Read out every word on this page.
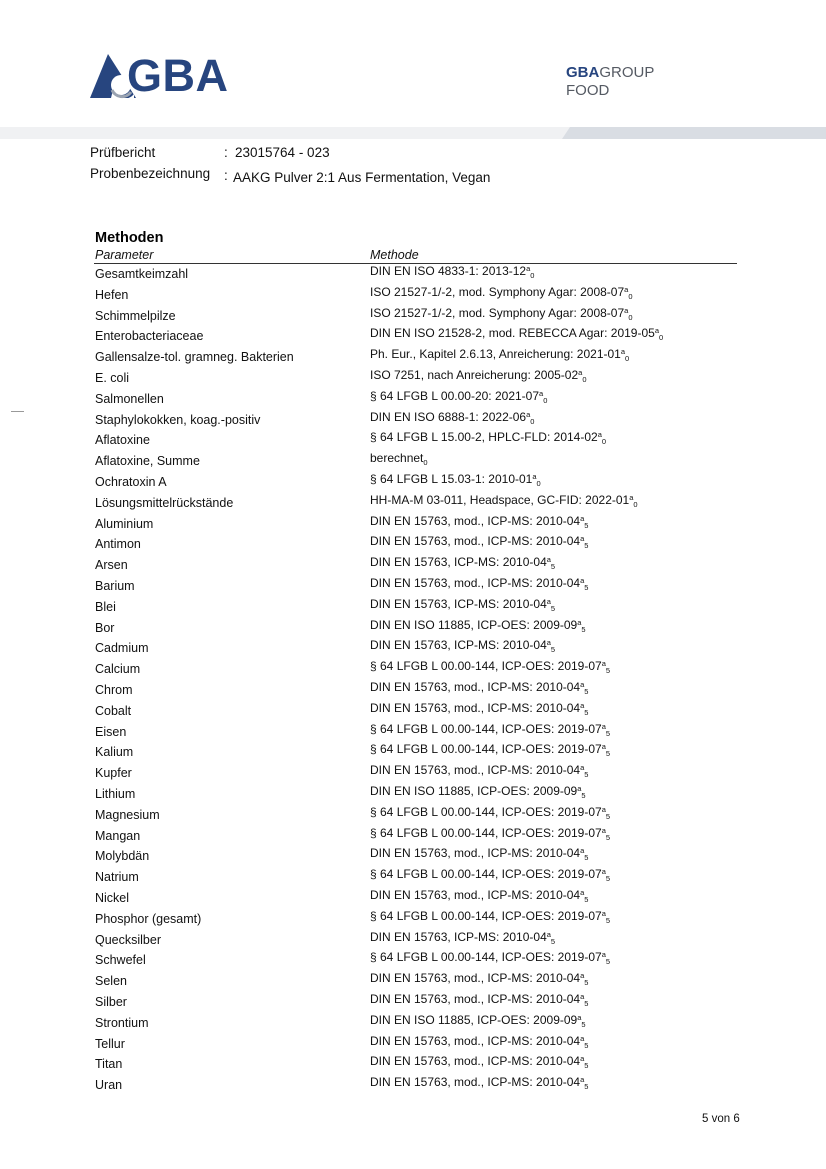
GBA	GBAGROUP
FOOD
Prüfbericht	: 23015764 - 023
Probenbezeichnung : AAKG Pulver 2:1 Aus Fermentation, Vegan
Methoden
Parameter	Methode
Gesamtkeimzahl	DIN EN ISO 4833-1: $2013-12^a_0$
Hefen	ISO 21527-1/-2, mod. Symphony Agar: $2008-07^a_0$
Schimmelpilze	ISO 21527-1/-2, mod. Symphony Agar: $2008-07^a_0$
Enterobacteriaceae	DIN EN ISO 21528-2, mod. REBECCA Agar: $2019-05^a_0$
Gallensalze-tol. gramneg. Bakterien	Ph. Eur., Kapitel 2.6.13, Anreicherung: $2021-01^a_0$
E. coli	ISO 7251, nach Anreicherung: $2005-02^a_0$
Salmonellen	§ 64 LFGB L 00.00-20: $2021-07^a_0$
Staphylokokken, koag.-positiv	DIN EN ISO 6888-1: $2022-06^a_0$
Aflatoxine	§ 64 LFGB L 15.00-2, HPLC-FLD: $2014-02^a_0$
Aflatoxine, Summe	berechnet$_0$
Ochratoxin A	§ 64 LFGB L 15.03-1: $2010-01^a_0$
Lösungsmittelrückstände	HH-MA-M 03-011, Headspace, GC-FID: $2022-01^a_0$
Aluminium	DIN EN 15763, mod., ICP-MS: $2010-04^a_5$
Antimon	DIN EN 15763, mod., ICP-MS: $2010-04^a_5$
Arsen	DIN EN 15763, ICP-MS: $2010-04^a_5$
Barium	DIN EN 15763, mod., ICP-MS: $2010-04^a_5$
Blei	DIN EN 15763, ICP-MS: $2010-04^a_5$
Bor	DIN EN ISO 11885, ICP-OES: $2009-09^a_5$
Cadmium	DIN EN 15763, ICP-MS: $2010-04^a_5$
Calcium	§ 64 LFGB L 00.00-144, ICP-OES: $2019-07^a_5$
Chrom	DIN EN 15763, mod., ICP-MS: $2010-04^a_5$
Cobalt	DIN EN 15763, mod., ICP-MS: $2010-04^a_5$
Eisen	§ 64 LFGB L 00.00-144, ICP-OES: $2019-07^a_5$
Kalium	§ 64 LFGB L 00.00-144, ICP-OES: $2019-07^a_5$
Kupfer	DIN EN 15763, mod., ICP-MS: $2010-04^a_5$
Lithium	DIN EN ISO 11885, ICP-OES: $2009-09^a_5$
Magnesium	§ 64 LFGB L 00.00-144, ICP-OES: $2019-07^a_5$
Mangan	§ 64 LFGB L 00.00-144, ICP-OES: $2019-07^a_5$
Molybdän	DIN EN 15763, mod., ICP-MS: $2010-04^a_5$
Natrium	§ 64 LFGB L 00.00-144, ICP-OES: $2019-07^a_5$
Nickel	DIN EN 15763, mod., ICP-MS: $2010-04^a_5$
Phosphor (gesamt)	§ 64 LFGB L 00.00-144, ICP-OES: $2019-07^a_5$
Quecksilber	DIN EN 15763, ICP-MS: $2010-04^a_5$
Schwefel	§ 64 LFGB L 00.00-144, ICP-OES: $2019-07^a_5$
Selen	DIN EN 15763, mod., ICP-MS: $2010-04^a_5$
Silber	DIN EN 15763, mod., ICP-MS: $2010-04^a_5$
Strontium	DIN EN ISO 11885, ICP-OES: $2009-09^a_5$
Tellur	DIN EN 15763, mod., ICP-MS: $2010-04^a_5$
Titan	DIN EN 15763, mod., ICP-MS: $2010-04^a_5$
Uran	DIN EN 15763, mod., ICP-MS: $2010-04^a_5$
5 von 6
